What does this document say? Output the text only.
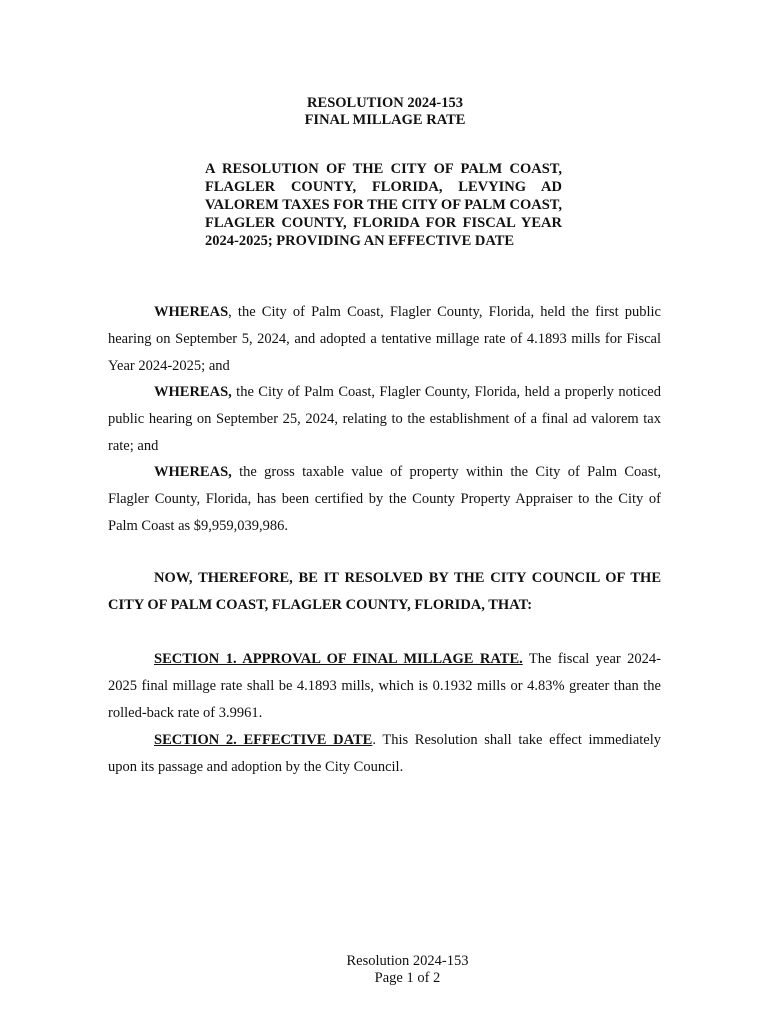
RESOLUTION 2024-153
FINAL MILLAGE RATE
A RESOLUTION OF THE CITY OF PALM COAST, FLAGLER COUNTY, FLORIDA, LEVYING AD VALOREM TAXES FOR THE CITY OF PALM COAST, FLAGLER COUNTY, FLORIDA FOR FISCAL YEAR 2024-2025; PROVIDING AN EFFECTIVE DATE

WHEREAS, the City of Palm Coast, Flagler County, Florida, held the first public hearing on September 5, 2024, and adopted a tentative millage rate of 4.1893 mills for Fiscal Year 2024-2025; and

WHEREAS, the City of Palm Coast, Flagler County, Florida, held a properly noticed public hearing on September 25, 2024, relating to the establishment of a final ad valorem tax rate; and

WHEREAS, the gross taxable value of property within the City of Palm Coast, Flagler County, Florida, has been certified by the County Property Appraiser to the City of Palm Coast as $9,959,039,986.

NOW, THEREFORE, BE IT RESOLVED BY THE CITY COUNCIL OF THE CITY OF PALM COAST, FLAGLER COUNTY, FLORIDA, THAT:

SECTION 1. APPROVAL OF FINAL MILLAGE RATE. The fiscal year 2024-2025 final millage rate shall be 4.1893 mills, which is 0.1932 mills or 4.83% greater than the rolled-back rate of 3.9961.

SECTION 2. EFFECTIVE DATE. This Resolution shall take effect immediately upon its passage and adoption by the City Council.

Resolution 2024-153
Page 1 of 2
